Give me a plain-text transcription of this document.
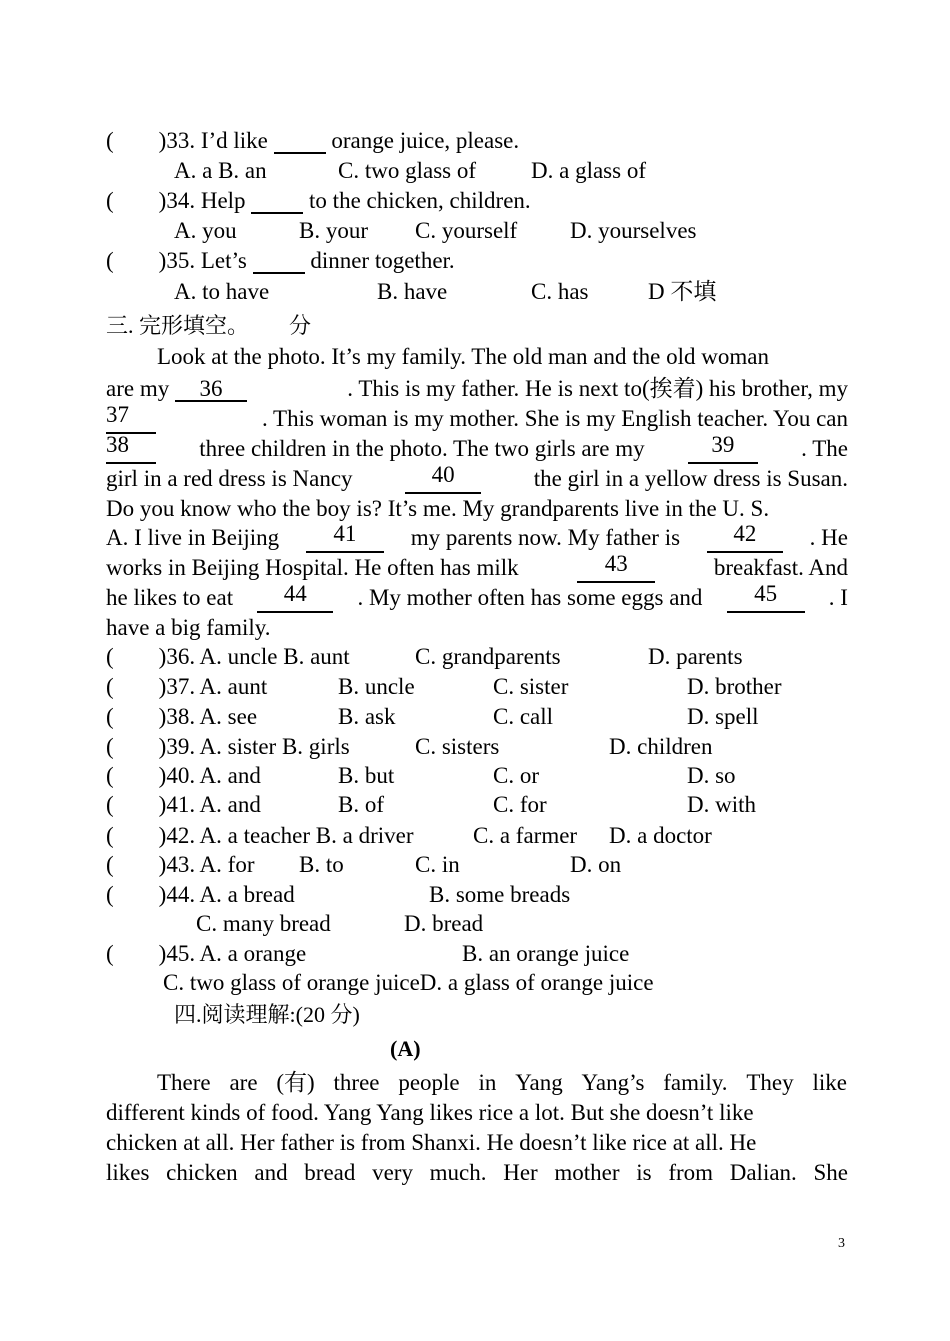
( )33. I’d like   orange juice, please.
A. a B. an	C. two glass of D. a glass of
( )34. Help   to the chicken, children.
A. you	B. your C. yourself D. yourselves
( )35. Let’s   dinner together.
A. to have	B. have	C. has	D 不填
三. 完形填空。 分
Look at the photo. It’s my family. The old man and the old woman
are my 36	. This is my father. He is next to(挨着) his brother, my
37	. This woman is my mother. She is my English teacher. You can
38	three children in the photo. The two girls are my	39	. The
girl in a red dress is Nancy	40	the girl in a yellow dress is Susan.
Do you know who the boy is? It’s me. My grandparents live in the U. S.
A. I live in Beijing	41	my parents now. My father is	42	. He
works in Beijing Hospital. He often has milk	43	breakfast. And
he likes to eat	44	. My mother often has some eggs and	45	. I
have a big family.
( )36. A. uncle B. aunt	C. grandparents	D. parents
( )37. A. aunt	B. uncle	C. sister	D. brother
( )38. A. see	B. ask	C. call	D. spell
( )39. A. sister B. girls	C. sisters	D. children
( )40. A. and	B. but	C. or	D. so
( )41. A. and	B. of	C. for	D. with
( )42. A. a teacher B. a driver	C. a farmer D. a doctor
( )43. A. for B. to	C. in	D. on
( )44. A. a bread	B. some breads
C. many bread	D. bread
( )45. A. a orange	B. an orange juice
C. two glass of orange juiceD. a glass of orange juice
四.阅读理解:(20 分)
(A)
There are (有) three people in Yang Yang’s family. They like
different kinds of food. Yang Yang likes rice a lot. But she doesn’t like
chicken at all. Her father is from Shanxi. He doesn’t like rice at all. He
likes chicken and bread very much. Her mother is from Dalian. She
3
